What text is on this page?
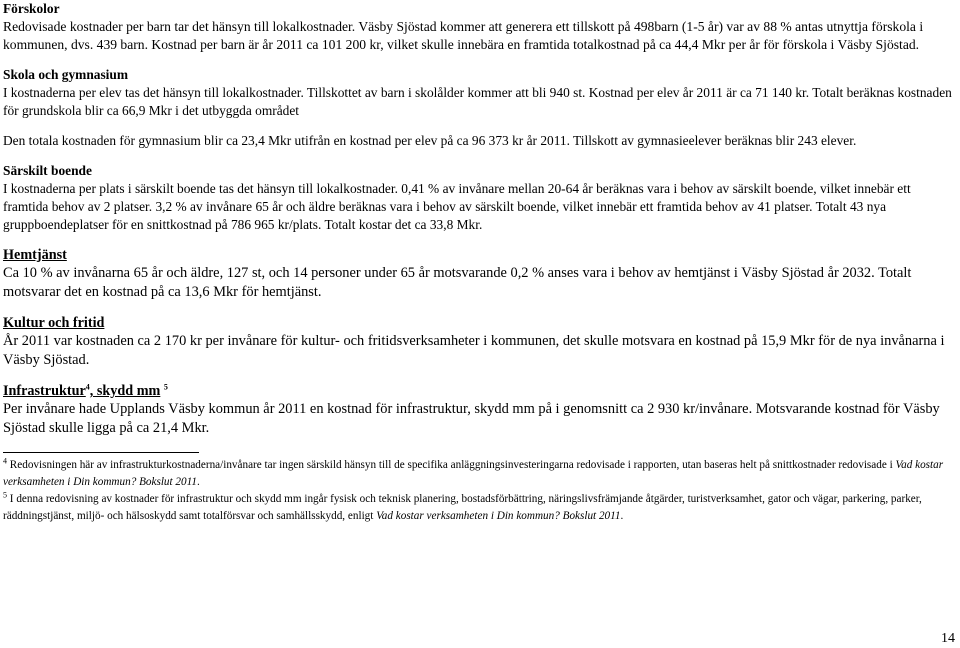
Förskolor

Redovisade kostnader per barn tar det hänsyn till lokalkostnader. Väsby Sjöstad kommer att generera ett tillskott på 498barn (1-5 år) var av 88 % antas utnyttja förskola i kommunen, dvs. 439 barn. Kostnad per barn är år 2011 ca 101 200 kr, vilket skulle innebära en framtida totalkostnad på ca 44,4 Mkr per år för förskola i Väsby Sjöstad.

Skola och gymnasium

I kostnaderna per elev tas det hänsyn till lokalkostnader. Tillskottet av barn i skolålder kommer att bli 940 st. Kostnad per elev år 2011 är ca 71 140 kr. Totalt beräknas kostnaden för grundskola blir ca 66,9 Mkr i det utbyggda området

Den totala kostnaden för gymnasium blir ca 23,4 Mkr utifrån en kostnad per elev på ca 96 373 kr år 2011. Tillskott av gymnasieelever beräknas blir 243 elever.

Särskilt boende

I kostnaderna per plats i särskilt boende tas det hänsyn till lokalkostnader. 0,41 % av invånare mellan 20-64 år beräknas vara i behov av särskilt boende, vilket innebär ett framtida behov av 2 platser. 3,2 % av invånare 65 år och äldre beräknas vara i behov av särskilt boende, vilket innebär ett framtida behov av 41 platser. Totalt 43 nya gruppboendeplatser för en snittkostnad på 786 965 kr/plats. Totalt kostar det ca 33,8 Mkr.

Hemtjänst

Ca 10 % av invånarna 65 år och äldre, 127 st, och 14 personer under 65 år motsvarande 0,2 % anses vara i behov av hemtjänst i Väsby Sjöstad år 2032. Totalt motsvarar det en kostnad på ca 13,6 Mkr för hemtjänst.

Kultur och fritid

År 2011 var kostnaden ca 2 170 kr per invånare för kultur- och fritidsverksamheter i kommunen, det skulle motsvara en kostnad på 15,9 Mkr för de nya invånarna i Väsby Sjöstad.

Infrastruktur$^4$, skydd mm $^5$

Per invånare hade Upplands Väsby kommun år 2011 en kostnad för infrastruktur, skydd mm på i genomsnitt ca 2 930 kr/invånare. Motsvarande kostnad för Väsby Sjöstad skulle ligga på ca 21,4 Mkr.

$^4$ Redovisningen här av infrastrukturkostnaderna/invånare tar ingen särskild hänsyn till de specifika anläggningsinvesteringarna redovisade i rapporten, utan baseras helt på snittkostnader redovisade i Vad kostar verksamheten i Din kommun? Bokslut 2011.

$^5$ I denna redovisning av kostnader för infrastruktur och skydd mm ingår fysisk och teknisk planering, bostadsförbättring, näringslivsfrämjande åtgärder, turistverksamhet, gator och vägar, parkering, parker, räddningstjänst, miljö- och hälsoskydd samt totalförsvar och samhällsskydd, enligt Vad kostar verksamheten i Din kommun? Bokslut 2011.

14
